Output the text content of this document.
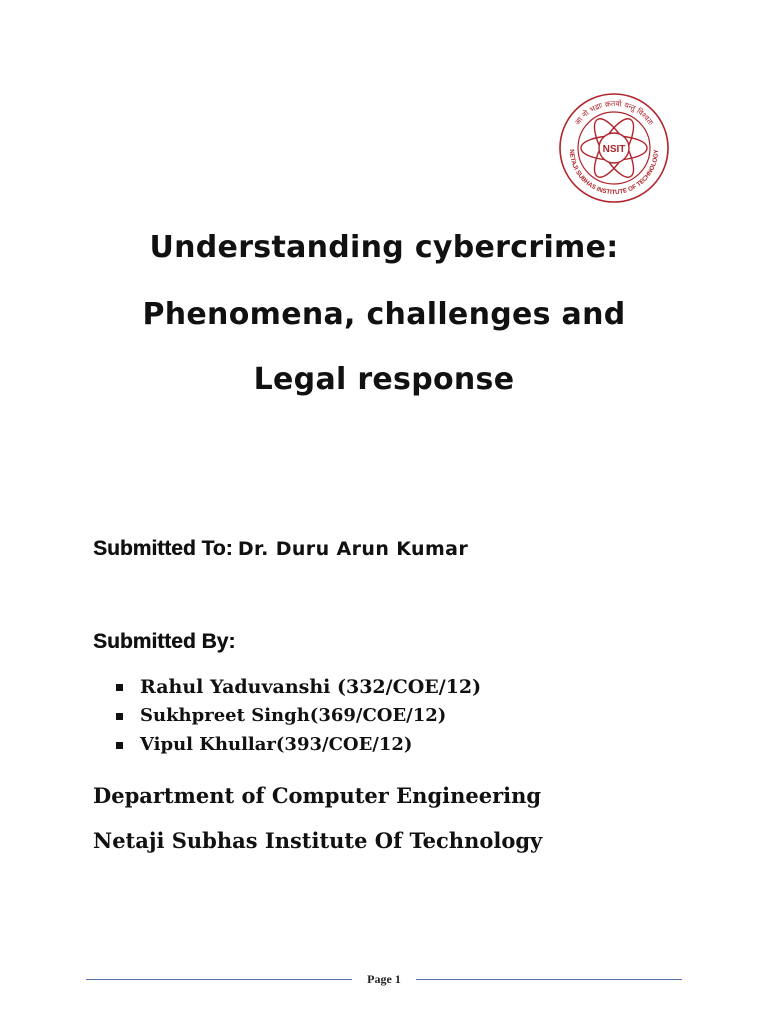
NSIT
आ नो भद्राः क्रतवो यन्तु विश्वतः
NETAJI SUBHAS INSTITUTE OF TECHNOLOGY
Understanding cybercrime:
Phenomena, challenges and
Legal response
Submitted To: Dr. Duru Arun Kumar
Submitted By:
Rahul Yaduvanshi (332/COE/12)
Sukhpreet Singh(369/COE/12)
Vipul Khullar(393/COE/12)
Department of Computer Engineering
Netaji Subhas Institute Of Technology
Page 1
